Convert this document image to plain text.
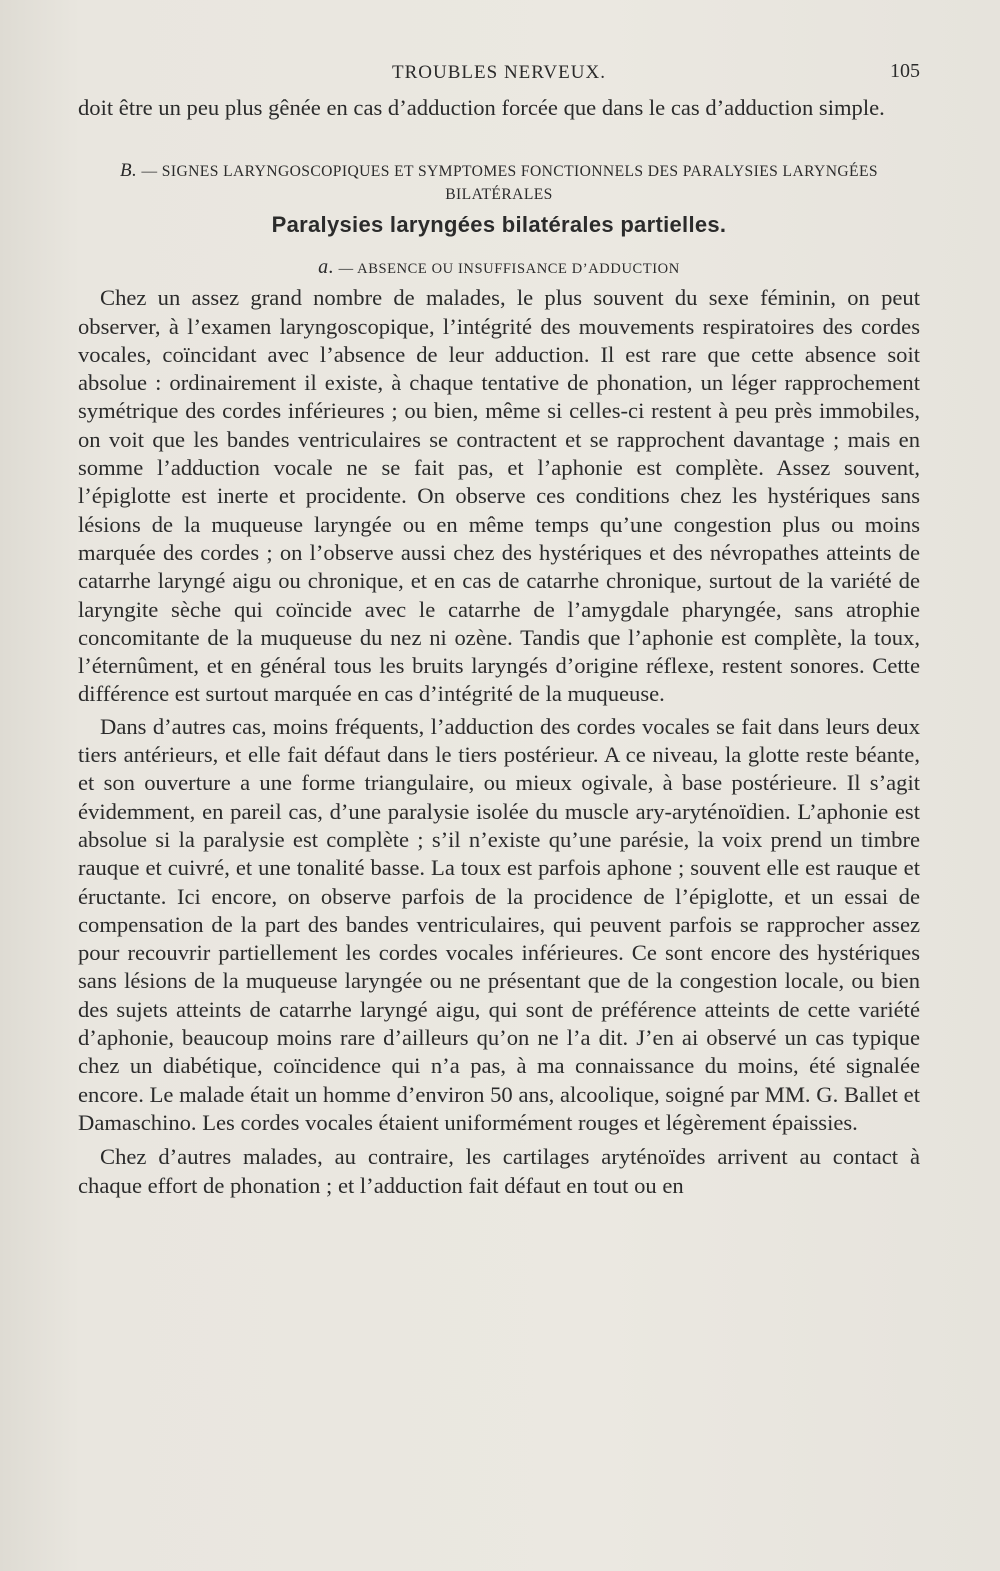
TROUBLES NERVEUX.	105

doit être un peu plus gênée en cas d’adduction forcée que dans le cas d’adduction simple.

B. — SIGNES LARYNGOSCOPIQUES ET SYMPTOMES FONCTIONNELS DES PARALYSIES LARYNGÉES BILATÉRALES
Paralysies laryngées bilatérales partielles.
a. — ABSENCE OU INSUFFISANCE D’ADDUCTION

Chez un assez grand nombre de malades, le plus souvent du sexe féminin, on peut observer, à l’examen laryngoscopique, l’intégrité des mouvements respiratoires des cordes vocales, coïncidant avec l’absence de leur adduction. Il est rare que cette absence soit absolue : ordinairement il existe, à chaque tentative de phonation, un léger rapprochement symétrique des cordes inférieures ; ou bien, même si celles-ci restent à peu près immobiles, on voit que les bandes ventriculaires se contractent et se rapprochent davantage ; mais en somme l’adduction vocale ne se fait pas, et l’aphonie est complète. Assez souvent, l’épiglotte est inerte et procidente. On observe ces conditions chez les hystériques sans lésions de la muqueuse laryngée ou en même temps qu’une congestion plus ou moins marquée des cordes ; on l’observe aussi chez des hystériques et des névropathes atteints de catarrhe laryngé aigu ou chronique, et en cas de catarrhe chronique, surtout de la variété de laryngite sèche qui coïncide avec le catarrhe de l’amygdale pharyngée, sans atrophie concomitante de la muqueuse du nez ni ozène. Tandis que l’aphonie est complète, la toux, l’éternûment, et en général tous les bruits laryngés d’origine réflexe, restent sonores. Cette différence est surtout marquée en cas d’intégrité de la muqueuse.

Dans d’autres cas, moins fréquents, l’adduction des cordes vocales se fait dans leurs deux tiers antérieurs, et elle fait défaut dans le tiers postérieur. A ce niveau, la glotte reste béante, et son ouverture a une forme triangulaire, ou mieux ogivale, à base postérieure. Il s’agit évidemment, en pareil cas, d’une paralysie isolée du muscle ary-aryténoïdien. L’aphonie est absolue si la paralysie est complète ; s’il n’existe qu’une parésie, la voix prend un timbre rauque et cuivré, et une tonalité basse. La toux est parfois aphone ; souvent elle est rauque et éructante. Ici encore, on observe parfois de la procidence de l’épiglotte, et un essai de compensation de la part des bandes ventriculaires, qui peuvent parfois se rapprocher assez pour recouvrir partiellement les cordes vocales inférieures. Ce sont encore des hystériques sans lésions de la muqueuse laryngée ou ne présentant que de la congestion locale, ou bien des sujets atteints de catarrhe laryngé aigu, qui sont de préférence atteints de cette variété d’aphonie, beaucoup moins rare d’ailleurs qu’on ne l’a dit. J’en ai observé un cas typique chez un diabétique, coïncidence qui n’a pas, à ma connaissance du moins, été signalée encore. Le malade était un homme d’environ 50 ans, alcoolique, soigné par MM. G. Ballet et Damaschino. Les cordes vocales étaient uniformément rouges et légèrement épaissies.

Chez d’autres malades, au contraire, les cartilages aryténoïdes arrivent au contact à chaque effort de phonation ; et l’adduction fait défaut en tout ou en
